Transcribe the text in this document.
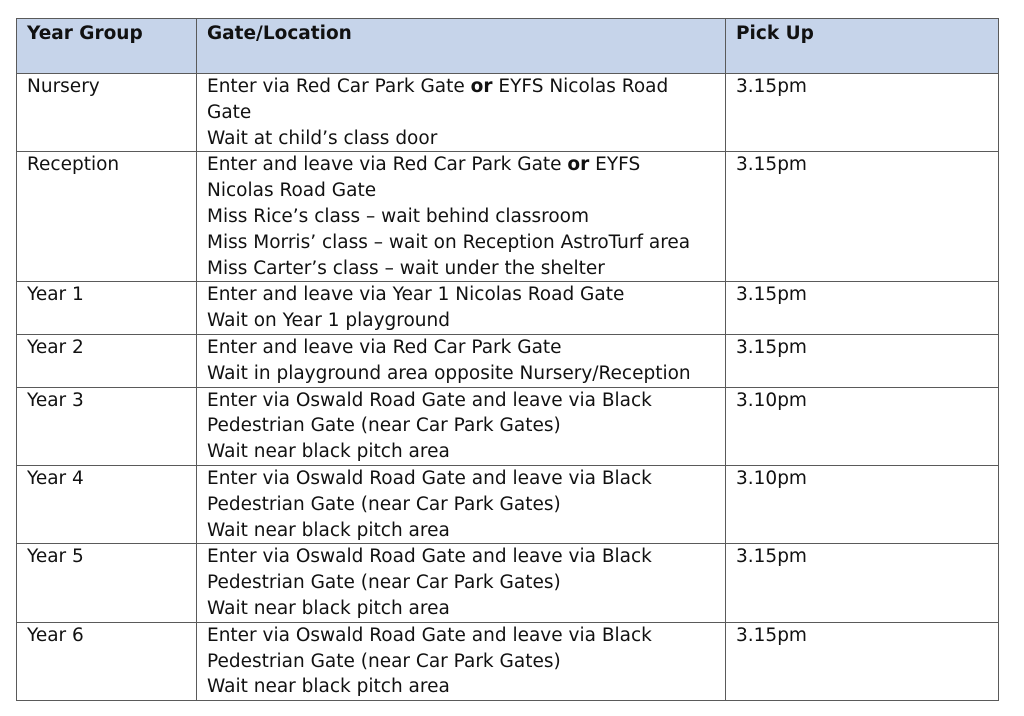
Year Group	Gate/Location	Pick Up
Nursery	Enter via Red Car Park Gate or EYFS Nicolas Road
Gate
Wait at child’s class door	3.15pm
Reception	Enter and leave via Red Car Park Gate or EYFS
Nicolas Road Gate
Miss Rice’s class – wait behind classroom
Miss Morris’ class – wait on Reception AstroTurf area
Miss Carter’s class – wait under the shelter	3.15pm
Year 1	Enter and leave via Year 1 Nicolas Road Gate
Wait on Year 1 playground	3.15pm
Year 2	Enter and leave via Red Car Park Gate
Wait in playground area opposite Nursery/Reception	3.15pm
Year 3	Enter via Oswald Road Gate and leave via Black
Pedestrian Gate (near Car Park Gates)
Wait near black pitch area	3.10pm
Year 4	Enter via Oswald Road Gate and leave via Black
Pedestrian Gate (near Car Park Gates)
Wait near black pitch area	3.10pm
Year 5	Enter via Oswald Road Gate and leave via Black
Pedestrian Gate (near Car Park Gates)
Wait near black pitch area	3.15pm
Year 6	Enter via Oswald Road Gate and leave via Black
Pedestrian Gate (near Car Park Gates)
Wait near black pitch area	3.15pm
